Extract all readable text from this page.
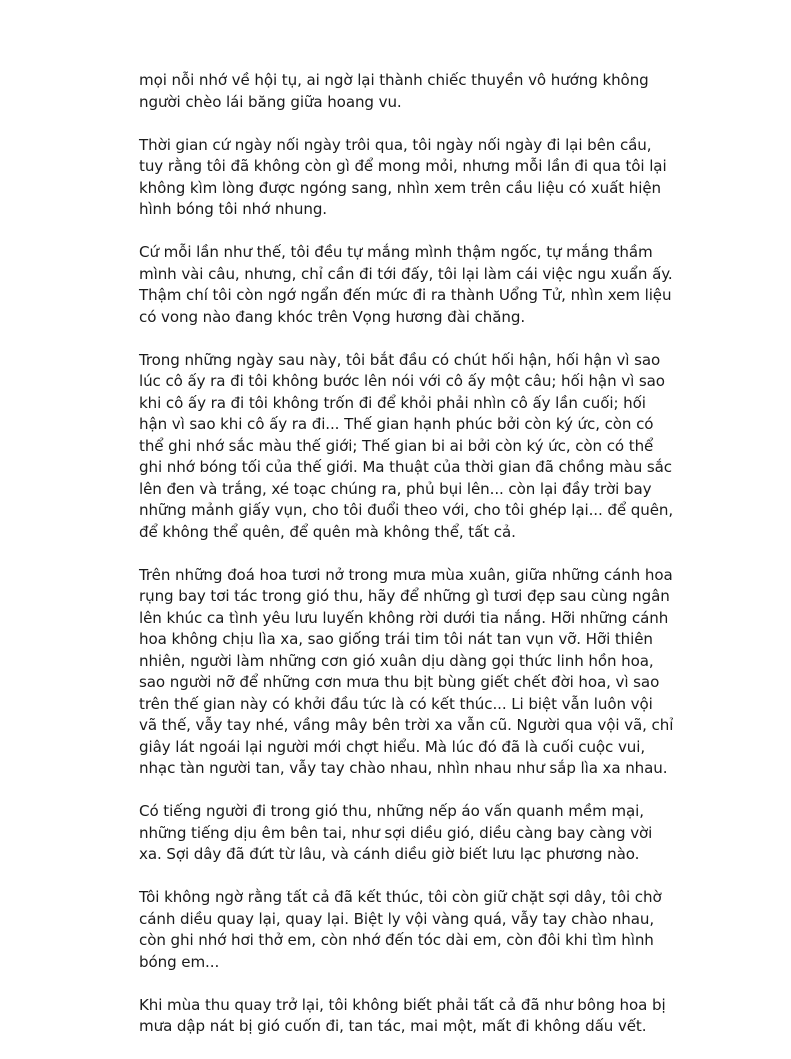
mọi nỗi nhớ về hội tụ, ai ngờ lại thành chiếc thuyền vô hướng không người chèo lái băng giữa hoang vu.

Thời gian cứ ngày nối ngày trôi qua, tôi ngày nối ngày đi lại bên cầu, tuy rằng tôi đã không còn gì để mong mỏi, nhưng mỗi lần đi qua tôi lại không kìm lòng được ngóng sang, nhìn xem trên cầu liệu có xuất hiện hình bóng tôi nhớ nhung.

Cứ mỗi lần như thế, tôi đều tự mắng mình thậm ngốc, tự mắng thầm mình vài câu, nhưng, chỉ cần đi tới đấy, tôi lại làm cái việc ngu xuẩn ấy. Thậm chí tôi còn ngớ ngẩn đến mức đi ra thành Uổng Tử, nhìn xem liệu có vong nào đang khóc trên Vọng hương đài chăng.

Trong những ngày sau này, tôi bắt đầu có chút hối hận, hối hận vì sao lúc cô ấy ra đi tôi không bước lên nói với cô ấy một câu; hối hận vì sao khi cô ấy ra đi tôi không trốn đi để khỏi phải nhìn cô ấy lần cuối; hối hận vì sao khi cô ấy ra đi... Thế gian hạnh phúc bởi còn ký ức, còn có thể ghi nhớ sắc màu thế giới; Thế gian bi ai bởi còn ký ức, còn có thể ghi nhớ bóng tối của thế giới. Ma thuật của thời gian đã chồng màu sắc lên đen và trắng, xé toạc chúng ra, phủ bụi lên... còn lại đầy trời bay những mảnh giấy vụn, cho tôi đuổi theo với, cho tôi ghép lại... để quên, để không thể quên, để quên mà không thể, tất cả.

Trên những đoá hoa tươi nở trong mưa mùa xuân, giữa những cánh hoa rụng bay tơi tác trong gió thu, hãy để những gì tươi đẹp sau cùng ngân lên khúc ca tình yêu lưu luyến không rời dưới tia nắng. Hỡi những cánh hoa không chịu lìa xa, sao giống trái tim tôi nát tan vụn vỡ. Hỡi thiên nhiên, người làm những cơn gió xuân dịu dàng gọi thức linh hồn hoa, sao người nỡ để những cơn mưa thu bịt bùng giết chết đời hoa, vì sao trên thế gian này có khởi đầu tức là có kết thúc... Li biệt vẫn luôn vội vã thế, vẫy tay nhé, vầng mây bên trời xa vẫn cũ. Người qua vội vã, chỉ giây lát ngoái lại người mới chợt hiểu. Mà lúc đó đã là cuối cuộc vui, nhạc tàn người tan, vẫy tay chào nhau, nhìn nhau như sắp lìa xa nhau.

Có tiếng người đi trong gió thu, những nếp áo vấn quanh mềm mại, những tiếng dịu êm bên tai, như sợi diều gió, diều càng bay càng vời xa. Sợi dây đã đứt từ lâu, và cánh diều giờ biết lưu lạc phương nào.

Tôi không ngờ rằng tất cả đã kết thúc, tôi còn giữ chặt sợi dây, tôi chờ cánh diều quay lại, quay lại. Biệt ly vội vàng quá, vẫy tay chào nhau, còn ghi nhớ hơi thở em, còn nhớ đến tóc dài em, còn đôi khi tìm hình bóng em...

Khi mùa thu quay trở lại, tôi không biết phải tất cả đã như bông hoa bị mưa dập nát bị gió cuốn đi, tan tác, mai một, mất đi không dấu vết.
